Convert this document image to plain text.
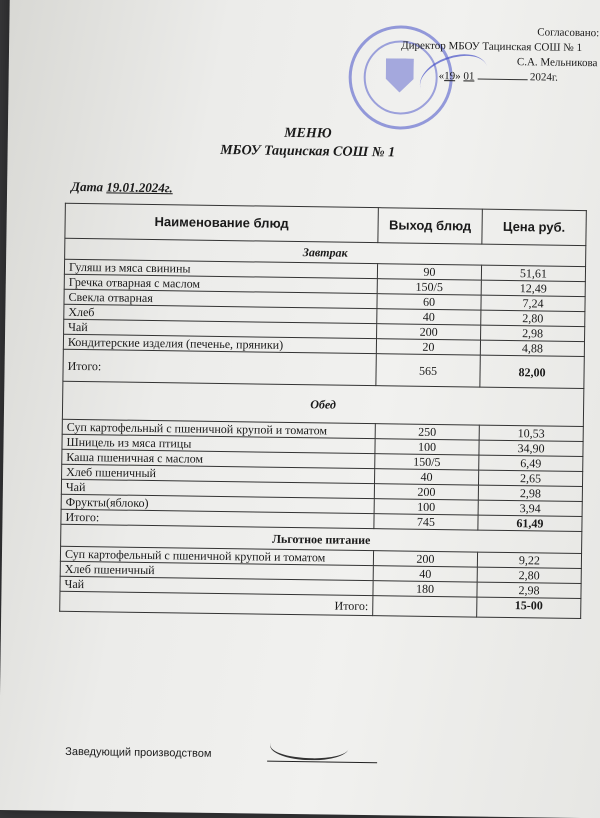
Согласовано:
Директор МБОУ Тацинская СОШ № 1
С.А. Мельникова
«19» 01	2024г.
МЕНЮ
МБОУ Тацинская СОШ № 1
Дата 19.01.2024г.
Наименование блюд	Выход блюд	Цена руб.
Завтрак		
Гуляш из мяса свинины	90	51,61
Гречка отварная с маслом	150/5	12,49
Свекла отварная	60	7,24
Хлеб	40	2,80
Чай	200	2,98
Кондитерские изделия (печенье, пряники)	20	4,88
Итого:	565	82,00
Обед		
Суп картофельный с пшеничной крупой и томатом	250	10,53
Шницель из мяса птицы	100	34,90
Каша пшеничная с маслом	150/5	6,49
Хлеб пшеничный	40	2,65
Чай	200	2,98
Фрукты(яблоко)	100	3,94
Итого:	745	61,49
Льготное питание		
Суп картофельный с пшеничной крупой и томатом	200	9,22
Хлеб пшеничный	40	2,80
Чай	180	2,98
Итого:		15-00
Заведующий производством
